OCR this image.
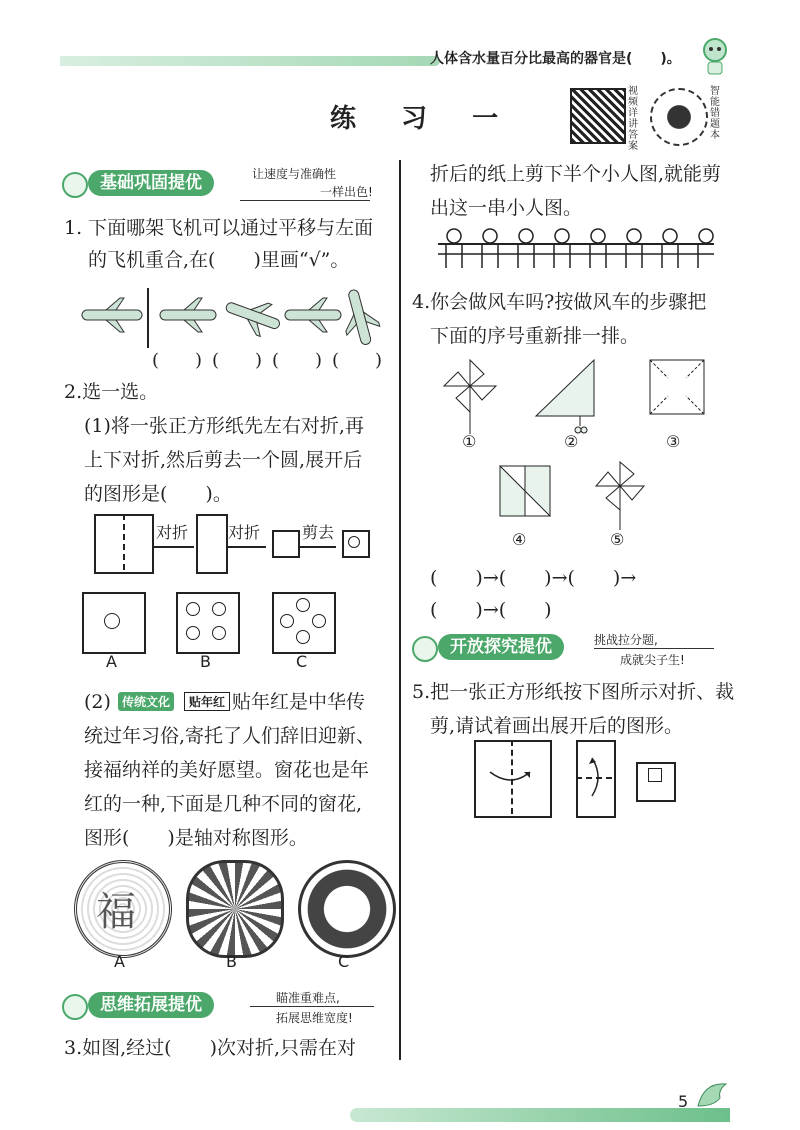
人体含水量百分比最高的器官是(　　)。
练 习 一
视频详讲答案
智能错题本
基础巩固提优	让速度与准确性
一样出色!
1. 下面哪架飞机可以通过平移与左面
的飞机重合,在(　　)里画“√”。
(　　) (　　) (　　) (　　)
2.选一选。
(1)将一张正方形纸先左右对折,再
上下对折,然后剪去一个圆,展开后
的图形是(　　)。
对折 对折	剪去
A	B	C
(2) 传统文化	贴年红 贴年红是中华传
统过年习俗,寄托了人们辞旧迎新、
接福纳祥的美好愿望。窗花也是年
红的一种,下面是几种不同的窗花,
图形(　　)是轴对称图形。
福
A	B	C
思维拓展提优	瞄准重难点,
拓展思维宽度!
3.如图,经过(　　)次对折,只需在对
折后的纸上剪下半个小人图,就能剪
出这一串小人图。
4.你会做风车吗?按做风车的步骤把
下面的序号重新排一排。
①	②	③
④	⑤
(　　)→(　　)→(　　)→
(　　)→(　　)
开放探究提优	挑战拉分题,
成就尖子生!
5.把一张正方形纸按下图所示对折、裁
剪,请试着画出展开后的图形。
5
